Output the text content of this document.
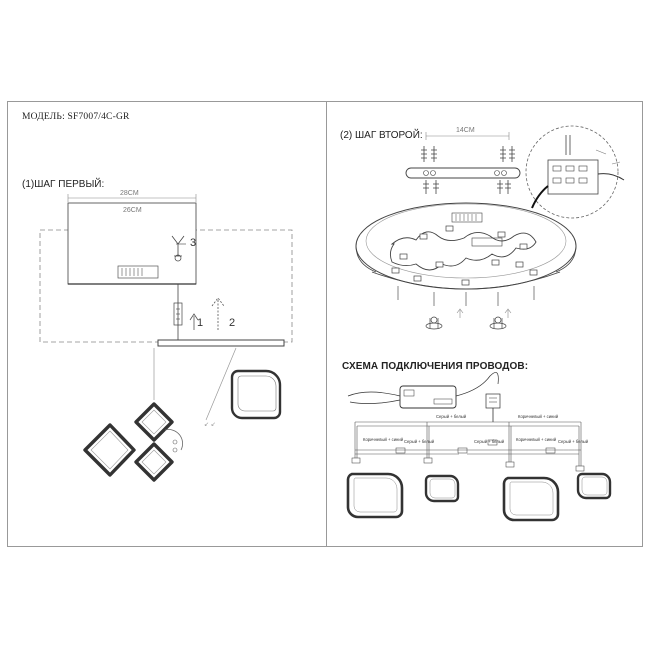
↙ ↙
МОДЕЛЬ: SF7007/4C-GR
(1)ШАГ ПЕРВЫЙ:
28CM
26CM
3
1 2
(2) ШАГ ВТОРОЙ:	14CM
СХЕМА ПОДКЛЮЧЕНИЯ ПРОВОДОВ:
Серый + белый	Коричневый + синий
Коричневый + синий Серый + белый	Серый + белый	Коричневый + синий Серый + белый
